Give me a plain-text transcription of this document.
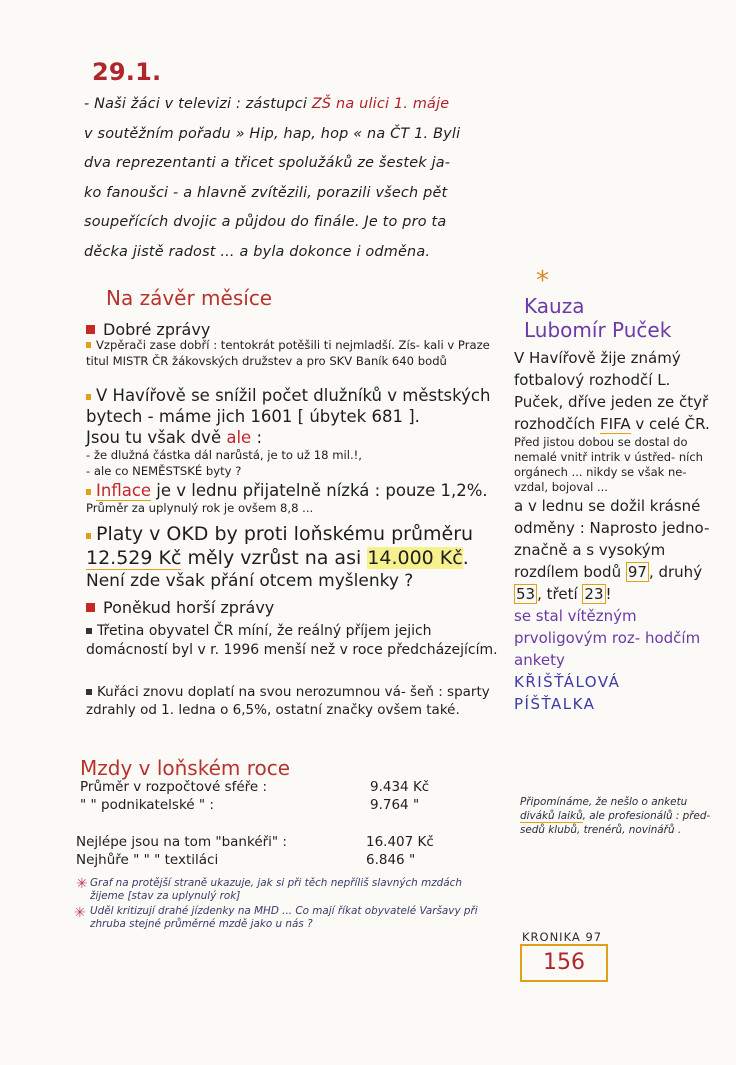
29.1.
- Naši žáci v televizi : zástupci ZŠ na ulici 1. máje
v soutěžním pořadu » Hip, hap, hop « na ČT 1. Byli
dva reprezentanti a třicet spolužáků ze šestek ja-
ko fanoušci - a hlavně zvítězili, porazili všech pět
soupeřících dvojic a půjdou do finále. Je to pro ta
děcka jistě radost ... a byla dokonce i odměna.
Na závěr měsíce
Dobré zprávy
Vzpěrači zase dobří : tentokrát potěšili ti nejmladší. Zís- kali v Praze titul MISTR ČR žákovských družstev a pro SKV Baník 640 bodů
V Havířově se snížil počet dlužníků v městských bytech - máme jich 1601 [ úbytek 681 ].
Jsou tu však dvě ale :
- že dlužná částka dál narůstá, je to už 18 mil.!,
- ale co NEMĚSTSKÉ byty ?
Inflace je v lednu přijatelně nízká : pouze 1,2%.
Průměr za uplynulý rok je ovšem 8,8 ...
Platy v OKD by proti loňskému průměru
12.529 Kč měly vzrůst na asi 14.000 Kč.
Není zde však přání otcem myšlenky ?
Poněkud horší zprávy
Třetina obyvatel ČR míní, že reálný příjem jejich domácností byl v r. 1996 menší než v roce předcházejícím.
Kuřáci znovu doplatí na svou nerozumnou vá- šeň : sparty zdrahly od 1. ledna o 6,5%, ostatní značky ovšem také.
Mzdy v loňském roce
Průměr v rozpočtové sféře :	9.434 Kč
" " podnikatelské " :	9.764 "
Nejlépe jsou na tom "bankéři" :	16.407 Kč
Nejhůře " " " textiláci	6.846 "
✳ Graf na protější straně ukazuje, jak si při těch nepříliš slavných mzdách žijeme [stav za uplynulý rok]
✳ Uděl kritizují drahé jízdenky na MHD ... Co mají říkat obyvatelé Varšavy při zhruba stejné průměrné mzdě jako u nás ?
*
Kauza
Lubomír Puček
V Havířově žije známý fotbalový rozhodčí L. Puček, dříve jeden ze čtyř rozhodčích FIFA v celé ČR.
Před jistou dobou se dostal do nemalé vnitř intrik v ústřed- ních orgánech ... nikdy se však ne- vzdal, bojoval ...
a v lednu se dožil krásné odměny : Naprosto jedno- značně a s vysokým rozdílem bodů 97 , druhý 53 , třetí 23 !
se stal vítězným prvoligovým roz- hodčím ankety
KŘIŠŤÁLOVÁ
PÍŠŤALKA
Připomínáme, že nešlo o anketu diváků laiků, ale profesionálů : před- sedů klubů, trenérů, novinářů .
KRONIKA 97
156
